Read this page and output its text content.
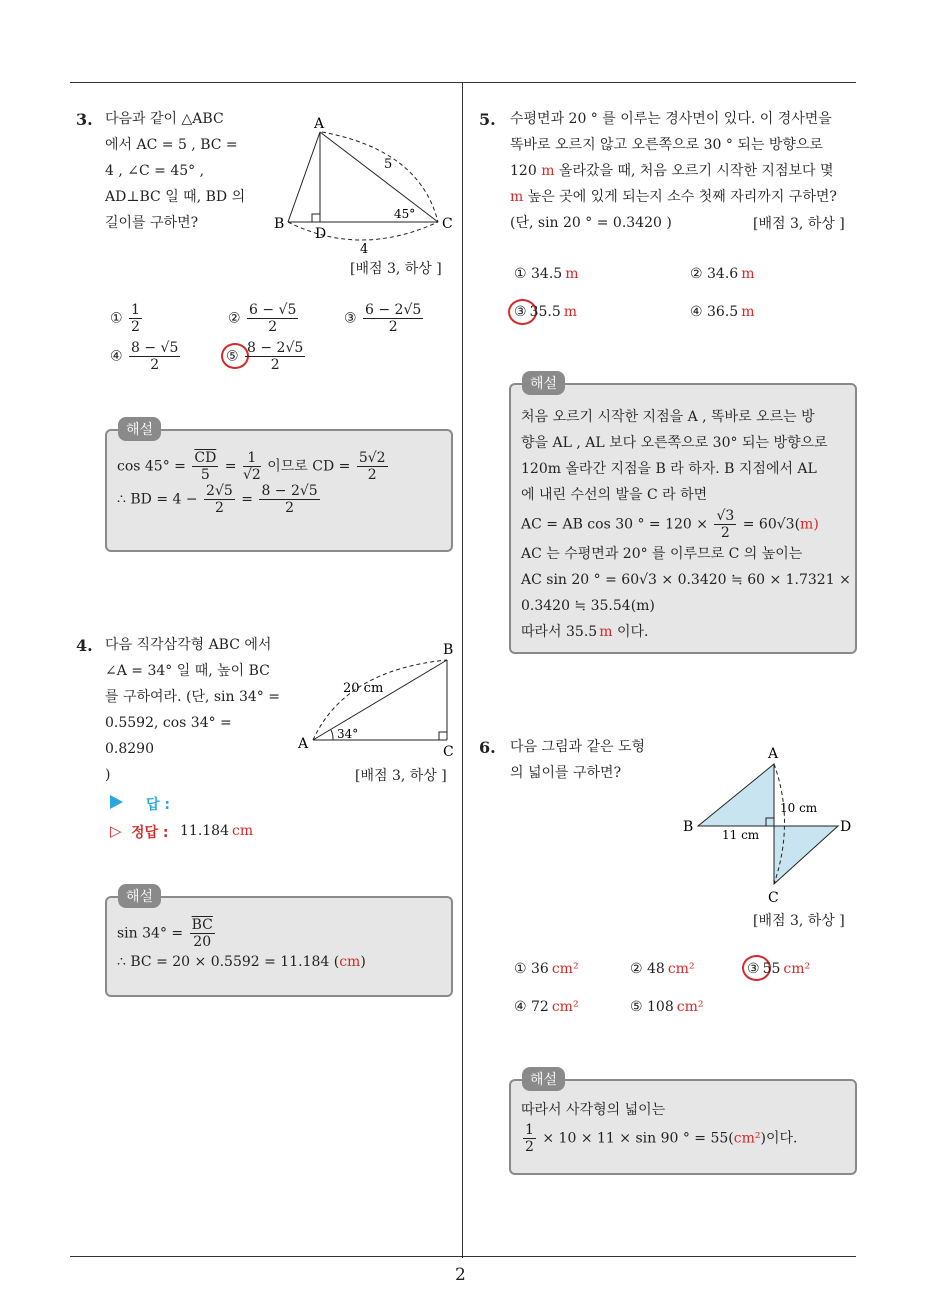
2
3. 다음과 같이 △ABC

에서 AC = 5 , BC =

4 , ∠C = 45° ,

AD⊥BC 일 때, BD 의

길이를 구하면?

A
B	C
D
5
4
45°
[배점 3, 하상 ]
① $\frac{1}{2}$	② $\frac{6 - √5}{2}$	③ $\frac{6 - 2√5}{2}$
④ $\frac{8 - √5}{2}$	⑤ $\frac{8 - 2√5}{2}$
해설
$\cos 45^\circ = \frac{\overline{CD}}{5} = \frac{1}{√2}$ 이므로 CD = $\frac{5√2}{2}$
∴ BD = $4 - \frac{2√5}{2} = \frac{8 - 2√5}{2}$
4. 다음 직각삼각형 ABC 에서

∠A = 34° 일 때, 높이 BC

를 구하여라. (단, sin 34° =

0.5592, cos 34° = 0.8290

)

A
B
C
20 cm
34°
[배점 3, 하상 ]
답 :
▷ 정답 : 11.184 cm
해설
$\sin 34^\circ = \frac{\overline{BC}}{20}$
∴ BC = 20 × 0.5592 = 11.184 (cm)
5. 수평면과 20 ° 를 이루는 경사면이 있다. 이 경사면을

똑바로 오르지 않고 오른쪽으로 30 ° 되는 방향으로

120 m 올라갔을 때, 처음 오르기 시작한 지점보다 몇

m 높은 곳에 있게 되는지 소수 첫째 자리까지 구하면?

(단, sin 20 ° = 0.3420 )	[배점 3, 하상 ]
① 34.5 m	② 34.6 m
③ 35.5 m	④ 36.5 m
해설
처음 오르기 시작한 지점을 A , 똑바로 오르는 방
향을 AL , AL 보다 오른쪽으로 30° 되는 방향으로
120m 올라간 지점을 B 라 하자. B 지점에서 AL
에 내린 수선의 발을 C 라 하면
AC = AB cos 30 ° = $120 \times \frac{√3}{2} = 60√3(m)$
AC 는 수평면과 20° 를 이루므로 C 의 높이는
AC sin 20 ° = 60√3 × 0.3420 ≒ 60 × 1.7321 ×
0.3420 ≒ 35.54(m)
따라서 35.5 m 이다.
6. 다음 그림과 같은 도형

의 넓이를 구하면?

A
B
C
D
10 cm
11 cm
[배점 3, 하상 ]
① 36 cm²	② 48 cm²	③ 55 cm²
④ 72 cm²	⑤ 108 cm²
해설
따라서 사각형의 넓이는
$\frac{1}{2} \times 10 \times 11 \times \sin 90$ ° = 55(cm²)이다.
